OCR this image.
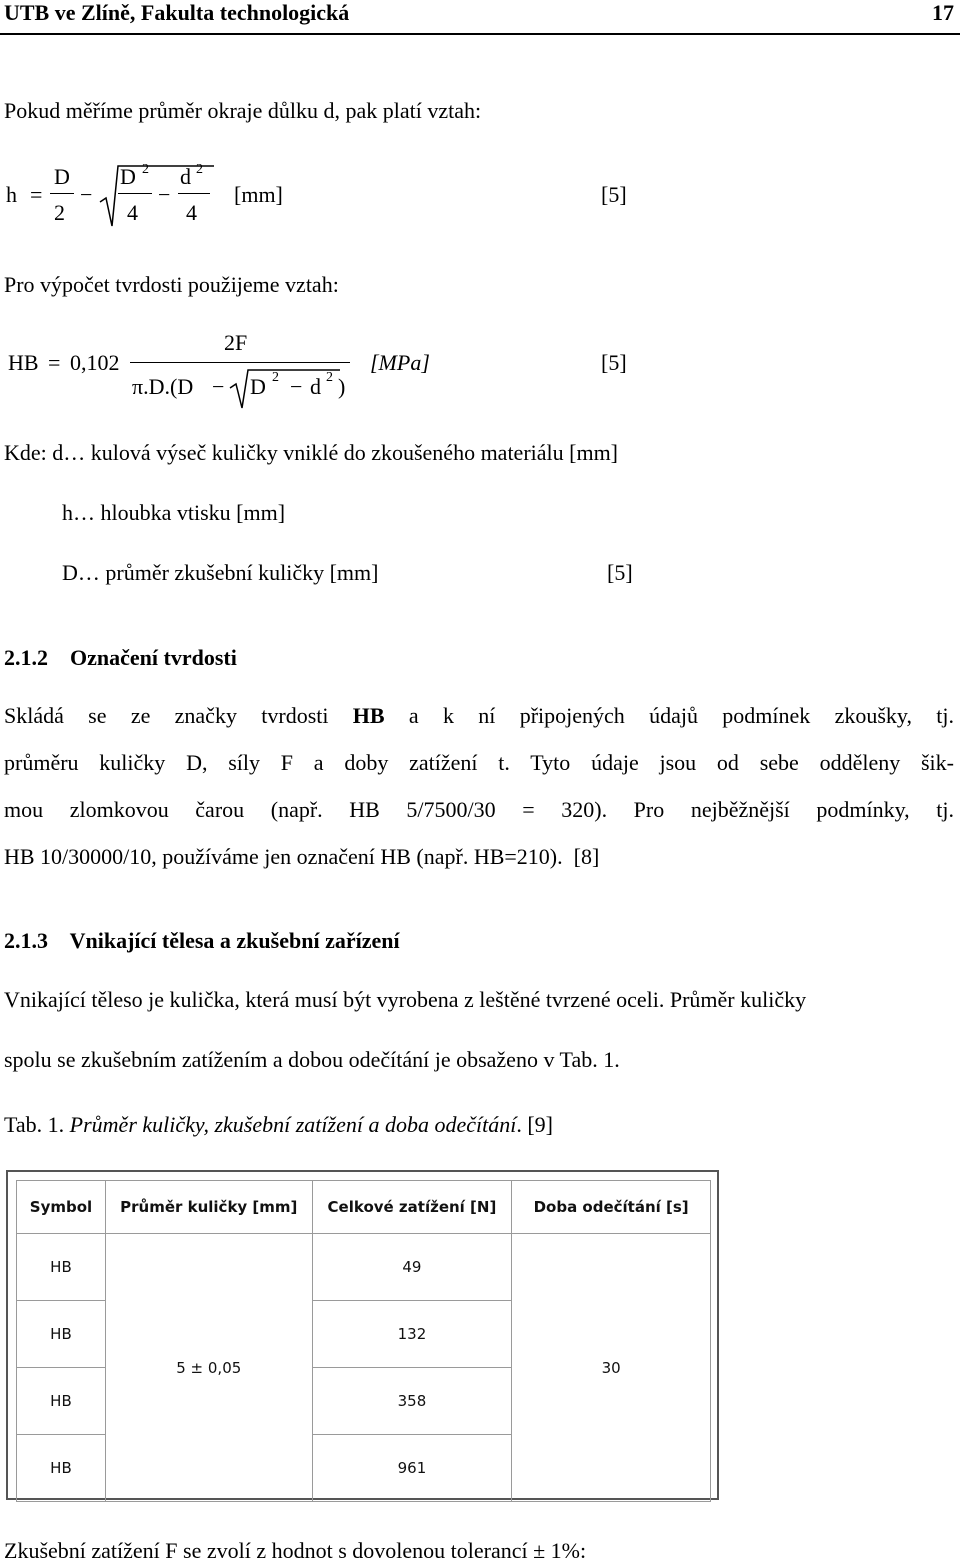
UTB ve Zlíně, Fakulta technologická	17
Pokud měříme průměr okraje důlku d, pak platí vztah:
h =
D
2
−
D 2
4
−
d 2
4
[mm]	[5]
Pro výpočet tvrdosti použijeme vztah:
HB = 0,102
2F
π.D.(D − D 2 − d 2 )
[MPa]	[5]
Kde: d… kulová výseč kuličky vniklé do zkoušeného materiálu [mm]
h… hloubka vtisku [mm]
D… průměr zkušební kuličky [mm]	[5]
2.1.2    Označení tvrdosti
Skládá se ze značky tvrdosti HB a k ní připojených údajů podmínek zkoušky, tj.
průměru kuličky D, síly F a doby zatížení t. Tyto údaje jsou od sebe odděleny šik-
mou zlomkovou čarou (např. HB 5/7500/30 = 320). Pro nejběžnější podmínky, tj.
HB 10/30000/10, používáme jen označení HB (např. HB=210).  [8]
2.1.3    Vnikající tělesa a zkušební zařízení
Vnikající těleso je kulička, která musí být vyrobena z leštěné tvrzené oceli. Průměr kuličky
spolu se zkušebním zatížením a dobou odečítání je obsaženo v Tab. 1.
Tab. 1. Průměr kuličky, zkušební zatížení a doba odečítání. [9]
Symbol	Průměr kuličky [mm]	Celkové zatížení [N]	Doba odečítání [s]
HB	5 ± 0,05	49	30
HB		132	
HB		358	
HB		961	
Zkušební zatížení F se zvolí z hodnot s dovolenou tolerancí ± 1%:
